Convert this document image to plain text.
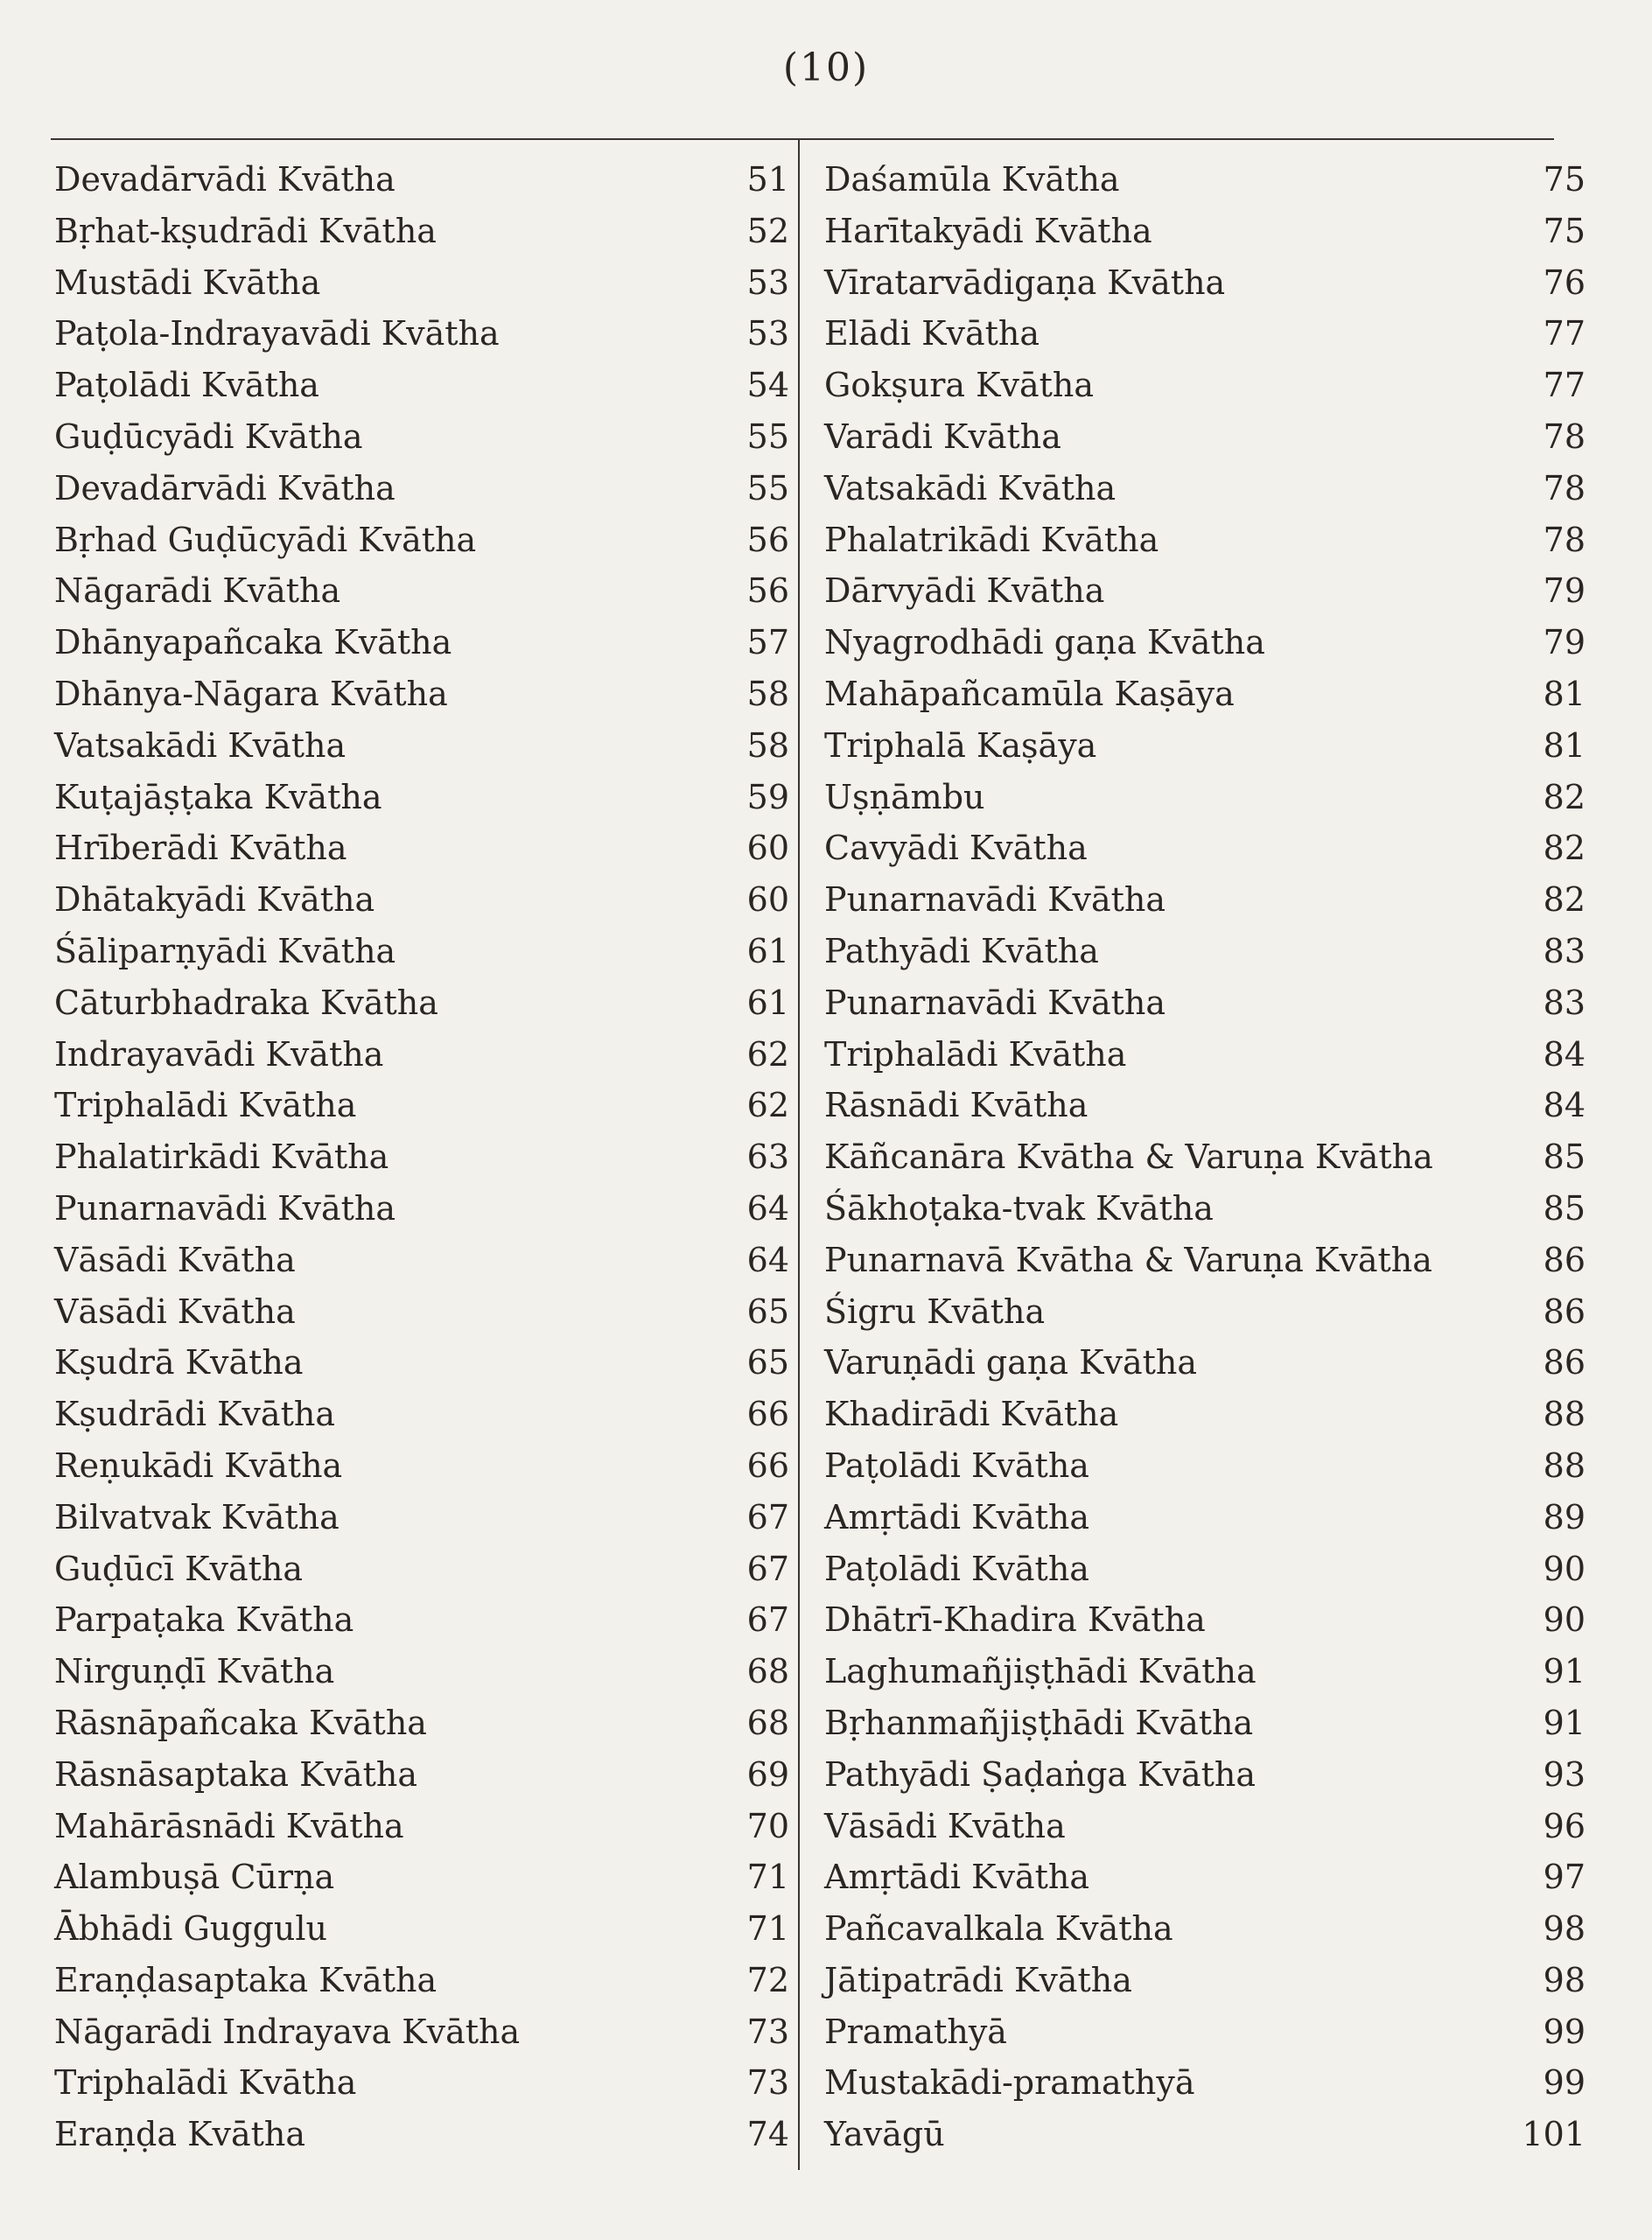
(10)
Devadārvādi Kvātha	51
Bṛhat-kṣudrādi Kvātha	52
Mustādi Kvātha	53
Paṭola-Indrayavādi Kvātha	53
Paṭolādi Kvātha	54
Guḍūcyādi Kvātha	55
Devadārvādi Kvātha	55
Bṛhad Guḍūcyādi Kvātha	56
Nāgarādi Kvātha	56
Dhānyapañcaka Kvātha	57
Dhānya-Nāgara Kvātha	58
Vatsakādi Kvātha	58
Kuṭajāṣṭaka Kvātha	59
Hrīberādi Kvātha	60
Dhātakyādi Kvātha	60
Śāliparṇyādi Kvātha	61
Cāturbhadraka Kvātha	61
Indrayavādi Kvātha	62
Triphalādi Kvātha	62
Phalatirkādi Kvātha	63
Punarnavādi Kvātha	64
Vāsādi Kvātha	64
Vāsādi Kvātha	65
Kṣudrā Kvātha	65
Kṣudrādi Kvātha	66
Reṇukādi Kvātha	66
Bilvatvak Kvātha	67
Guḍūcī Kvātha	67
Parpaṭaka Kvātha	67
Nirguṇḍī Kvātha	68
Rāsnāpañcaka Kvātha	68
Rāsnāsaptaka Kvātha	69
Mahārāsnādi Kvātha	70
Alambuṣā Cūrṇa	71
Ābhādi Guggulu	71
Eraṇḍasaptaka Kvātha	72
Nāgarādi Indrayava Kvātha	73
Triphalādi Kvātha	73
Eraṇḍa Kvātha	74
Daśamūla Kvātha	75
Harītakyādi Kvātha	75
Vīratarvādigaṇa Kvātha	76
Elādi Kvātha	77
Gokṣura Kvātha	77
Varādi Kvātha	78
Vatsakādi Kvātha	78
Phalatrikādi Kvātha	78
Dārvyādi Kvātha	79
Nyagrodhādi gaṇa Kvātha	79
Mahāpañcamūla Kaṣāya	81
Triphalā Kaṣāya	81
Uṣṇāmbu	82
Cavyādi Kvātha	82
Punarnavādi Kvātha	82
Pathyādi Kvātha	83
Punarnavādi Kvātha	83
Triphalādi Kvātha	84
Rāsnādi Kvātha	84
Kāñcanāra Kvātha & Varuṇa Kvātha	85
Śākhoṭaka-tvak Kvātha	85
Punarnavā Kvātha & Varuṇa Kvātha	86
Śigru Kvātha	86
Varuṇādi gaṇa Kvātha	86
Khadirādi Kvātha	88
Paṭolādi Kvātha	88
Amṛtādi Kvātha	89
Paṭolādi Kvātha	90
Dhātrī-Khadira Kvātha	90
Laghumañjiṣṭhādi Kvātha	91
Bṛhanmañjiṣṭhādi Kvātha	91
Pathyādi Ṣaḍaṅga Kvātha	93
Vāsādi Kvātha	96
Amṛtādi Kvātha	97
Pañcavalkala Kvātha	98
Jātipatrādi Kvātha	98
Pramathyā	99
Mustakādi-pramathyā	99
Yavāgū	101
